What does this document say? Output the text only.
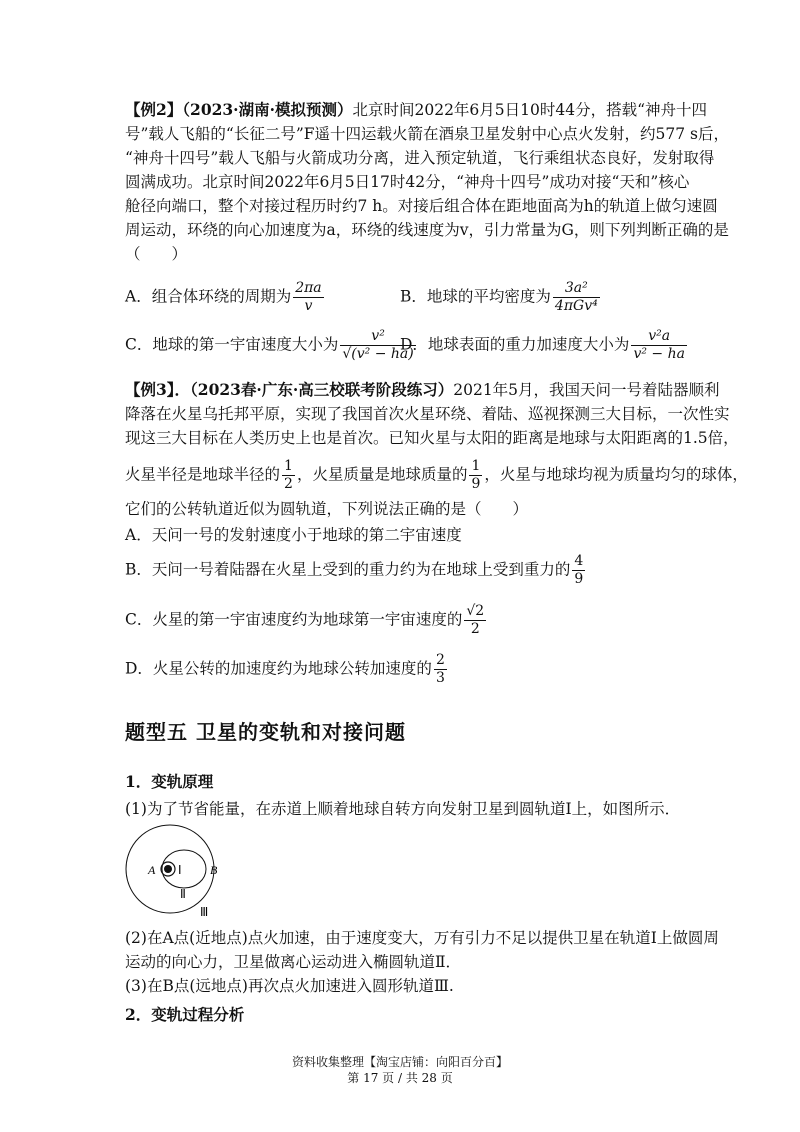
【例2】（2023·湖南·模拟预测）北京时间2022年6月5日10时44分，搭载“神舟十四
号”载人飞船的“长征二号”F遥十四运载火箭在酒泉卫星发射中心点火发射，约577 s后，
“神舟十四号”载人飞船与火箭成功分离，进入预定轨道，飞行乘组状态良好，发射取得
圆满成功。北京时间2022年6月5日17时42分，“神舟十四号”成功对接“天和”核心
舱径向端口，整个对接过程历时约7 h。对接后组合体在距地面高为h的轨道上做匀速圆
周运动，环绕的向心加速度为a，环绕的线速度为v，引力常量为G，则下列判断正确的是
（　　）
A．组合体环绕的周期为 $\frac{2\pi a}{v}$	B．地球的平均密度为 $\frac{\text{3a²}}{\text{4πGv⁴}}$
C．地球的第一宇宙速度大小为 $\frac{\text{v²}}{\text{√(v² − ha)}}$
D．地球表面的重力加速度大小为 $\frac{\text{v²a}}{\text{v² − ha}}$
【例3】．（2023春·广东·高三校联考阶段练习）2021年5月，我国天问一号着陆器顺利
降落在火星乌托邦平原，实现了我国首次火星环绕、着陆、巡视探测三大目标，一次性实
现这三大目标在人类历史上也是首次。已知火星与太阳的距离是地球与太阳距离的1.5倍，
火星半径是地球半径的 $\frac{1}{2}$ ，火星质量是地球质量的 $\frac{1}{9}$ ，火星与地球均视为质量均匀的球体，
它们的公转轨道近似为圆轨道，下列说法正确的是（　　）
A．天问一号的发射速度小于地球的第二宇宙速度
B．天问一号着陆器在火星上受到的重力约为在地球上受到重力的 $\frac{4}{9}$
C．火星的第一宇宙速度约为地球第一宇宙速度的 $\frac{√2}{2}$
D．火星公转的加速度约为地球公转加速度的 $\frac{2}{3}$
题型五 卫星的变轨和对接问题
1．变轨原理
(1)为了节省能量，在赤道上顺着地球自转方向发射卫星到圆轨道Ⅰ上，如图所示．
A Ⅰ B
Ⅱ
Ⅲ
(2)在A点(近地点)点火加速，由于速度变大，万有引力不足以提供卫星在轨道Ⅰ上做圆周
运动的向心力，卫星做离心运动进入椭圆轨道Ⅱ．
(3)在B点(远地点)再次点火加速进入圆形轨道Ⅲ.
2．变轨过程分析
资料收集整理【淘宝店铺：向阳百分百】
第 17 页 / 共 28 页
